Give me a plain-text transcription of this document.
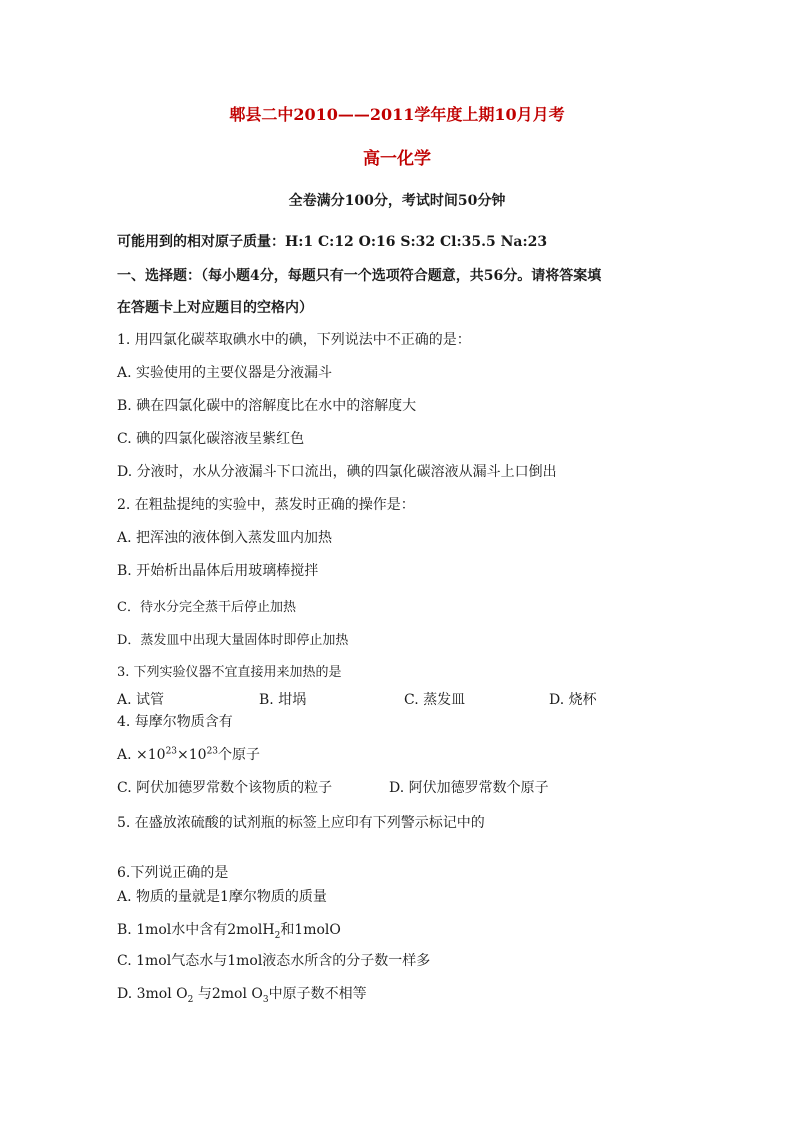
郫县二中2010——2011学年度上期10月月考
高一化学
全卷满分100分，考试时间50分钟
可能用到的相对原子质量：H:1 C:12 O:16 S:32 Cl:35.5 Na:23
一、选择题：（每小题4分，每题只有一个选项符合题意，共56分。请将答案填
在答题卡上对应题目的空格内）
1. 用四氯化碳萃取碘水中的碘，下列说法中不正确的是：
A. 实验使用的主要仪器是分液漏斗
B. 碘在四氯化碳中的溶解度比在水中的溶解度大
C. 碘的四氯化碳溶液呈紫红色
D. 分液时，水从分液漏斗下口流出，碘的四氯化碳溶液从漏斗上口倒出
2. 在粗盐提纯的实验中，蒸发时正确的操作是：
A. 把浑浊的液体倒入蒸发皿内加热
B. 开始析出晶体后用玻璃棒搅拌
C．待水分完全蒸干后停止加热
D．蒸发皿中出现大量固体时即停止加热
3. 下列实验仪器不宜直接用来加热的是
A. 试管	B. 坩埚	C. 蒸发皿	D. 烧杯
4. 每摩尔物质含有
A. $\times 10^{23}\times 10^{23}$个原子
C. 阿伏加德罗常数个该物质的粒子	D. 阿伏加德罗常数个原子
5. 在盛放浓硫酸的试剂瓶的标签上应印有下列警示标记中的
6.下列说正确的是
A. 物质的量就是1摩尔物质的质量
B. 1mol水中含有2molH$_2$和1molO
C. 1mol气态水与1mol液态水所含的分子数一样多
D. 3mol $O_2$ 与2mol $O_3$中原子数不相等
